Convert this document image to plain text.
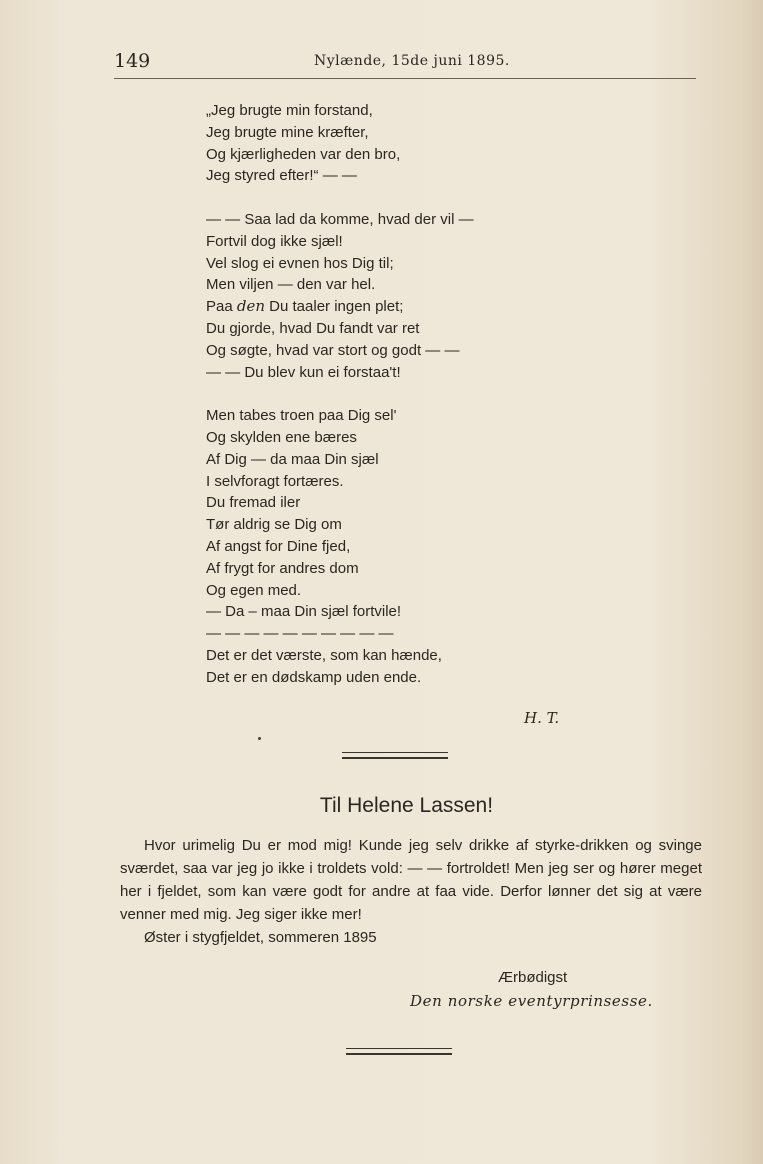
149	Nylænde, 15de juni 1895.
„Jeg brugte min forstand,
Jeg brugte mine kræfter,
Og kjærligheden var den bro,
Jeg styred efter!“ — —
— — Saa lad da komme, hvad der vil —
Fortvil dog ikke sjæl!
Vel slog ei evnen hos Dig til;
Men viljen — den var hel.
Paa den Du taaler ingen plet;
Du gjorde, hvad Du fandt var ret
Og søgte, hvad var stort og godt — —
— — Du blev kun ei forstaa't!
Men tabes troen paa Dig sel'
Og skylden ene bæres
Af Dig — da maa Din sjæl
I selvforagt fortæres.
Du fremad iler
Tør aldrig se Dig om
Af angst for Dine fjed,
Af frygt for andres dom
Og egen med.
— Da – maa Din sjæl fortvile!
— — — — — — — — — —
Det er det værste, som kan hænde,
Det er en dødskamp uden ende.
H. T.
Til Helene Lassen!
Hvor urimelig Du er mod mig! Kunde jeg selv drikke af styrke-drikken og svinge sværdet, saa var jeg jo ikke i troldets vold: — — fortroldet! Men jeg ser og hører meget her i fjeldet, som kan være godt for andre at faa vide. Derfor lønner det sig at være venner med mig. Jeg siger ikke mer!
Øster i stygfjeldet, sommeren 1895
Ærbødigst
Den norske eventyrprinsesse.
